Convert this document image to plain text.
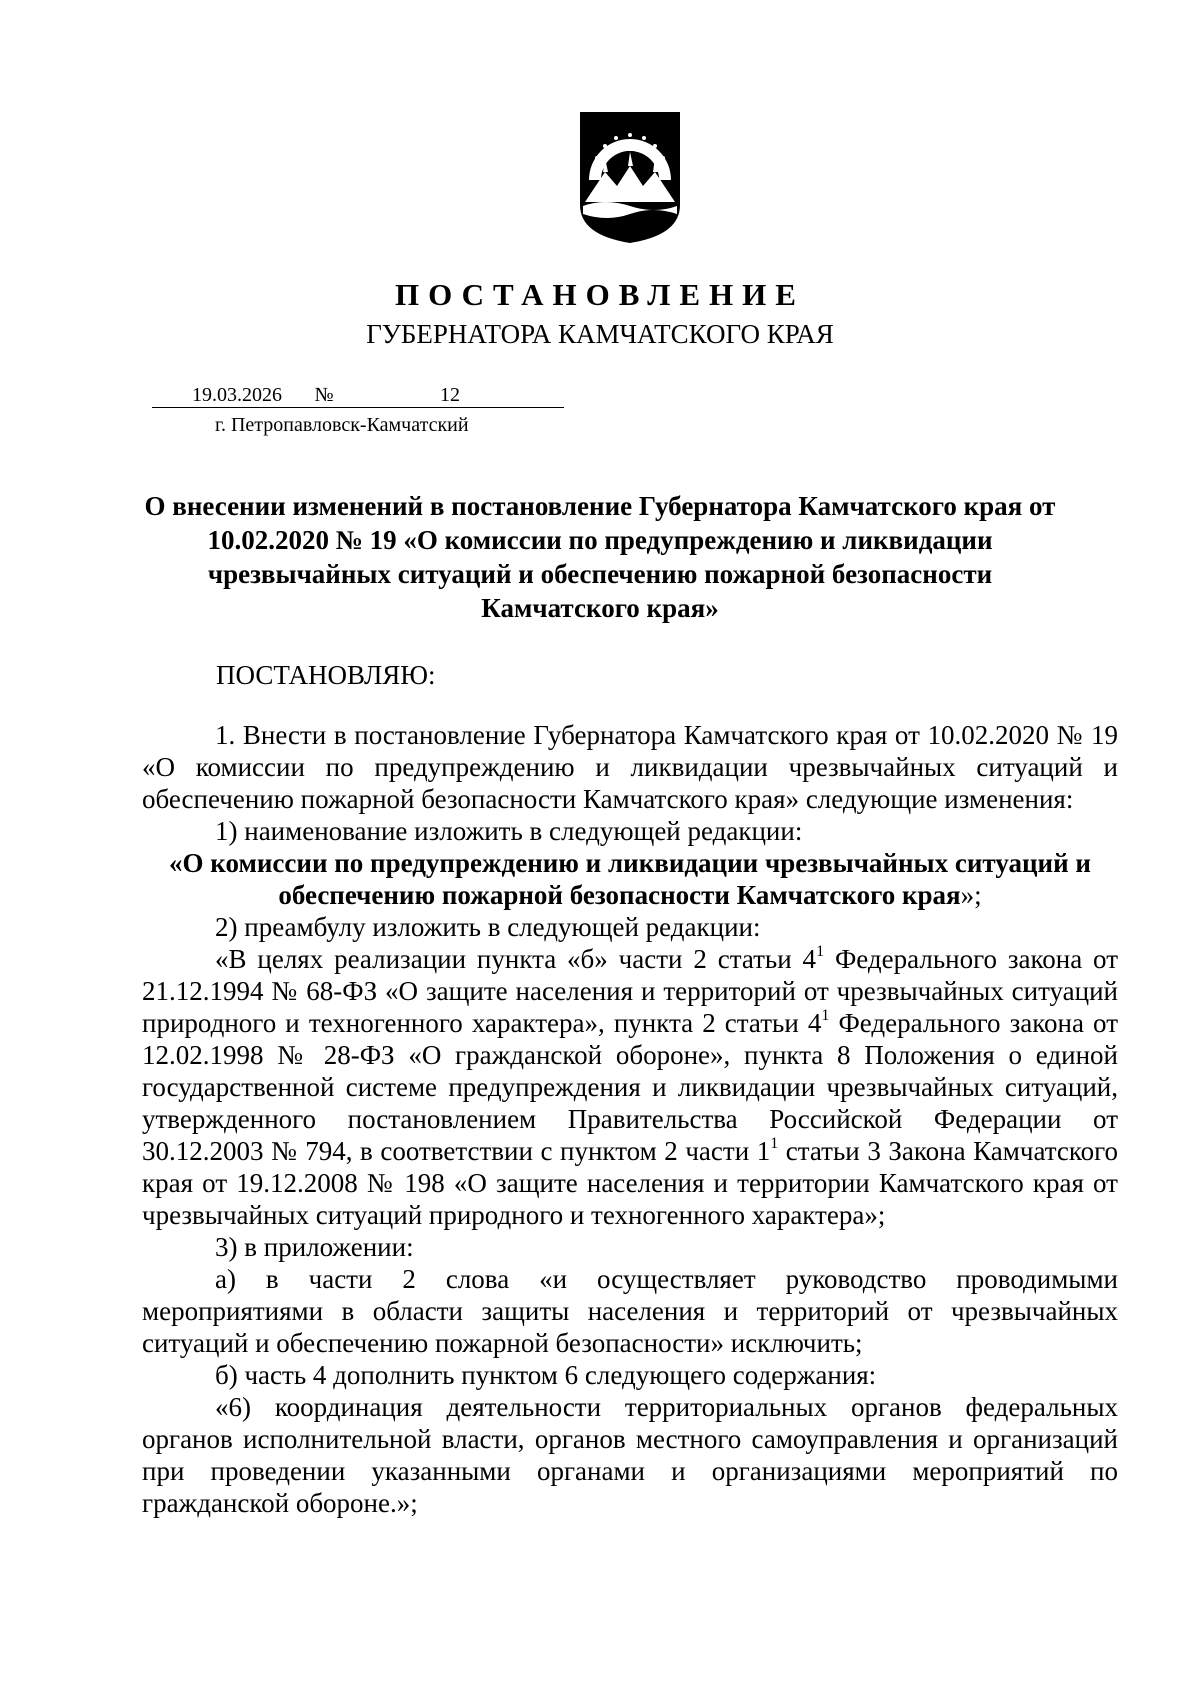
ПОСТАНОВЛЕНИЕ
ГУБЕРНАТОРА КАМЧАТСКОГО КРАЯ
19.03.2026 №	12
г. Петропавловск-Камчатский
О внесении изменений в постановление Губернатора Камчатского края от 10.02.2020 № 19 «О комиссии по предупреждению и ликвидации чрезвычайных ситуаций и обеспечению пожарной безопасности Камчатского края»
ПОСТАНОВЛЯЮ:

1. Внести в постановление Губернатора Камчатского края от 10.02.2020 № 19 «О комиссии по предупреждению и ликвидации чрезвычайных ситуаций и обеспечению пожарной безопасности Камчатского края» следующие изменения:

1) наименование изложить в следующей редакции:

«О комиссии по предупреждению и ликвидации чрезвычайных ситуаций и обеспечению пожарной безопасности Камчатского края»;

2) преамбулу изложить в следующей редакции:

«В целях реализации пункта «б» части 2 статьи $4^1$ Федерального закона от 21.12.1994 № 68-ФЗ «О защите населения и территорий от чрезвычайных ситуаций природного и техногенного характера», пункта 2 статьи $4^1$ Федерального закона от 12.02.1998 № 28-ФЗ «О гражданской обороне», пункта 8 Положения о единой государственной системе предупреждения и ликвидации чрезвычайных ситуаций, утвержденного постановлением Правительства Российской Федерации от 30.12.2003 № 794, в соответствии с пунктом 2 части $1^1$ статьи 3 Закона Камчатского края от 19.12.2008 № 198 «О защите населения и территории Камчатского края от чрезвычайных ситуаций природного и техногенного характера»;

3) в приложении:

а) в части 2 слова «и осуществляет руководство проводимыми мероприятиями в области защиты населения и территорий от чрезвычайных ситуаций и обеспечению пожарной безопасности» исключить;

б) часть 4 дополнить пунктом 6 следующего содержания:

«6) координация деятельности территориальных органов федеральных органов исполнительной власти, органов местного самоуправления и организаций при проведении указанными органами и организациями мероприятий по гражданской обороне.»;
